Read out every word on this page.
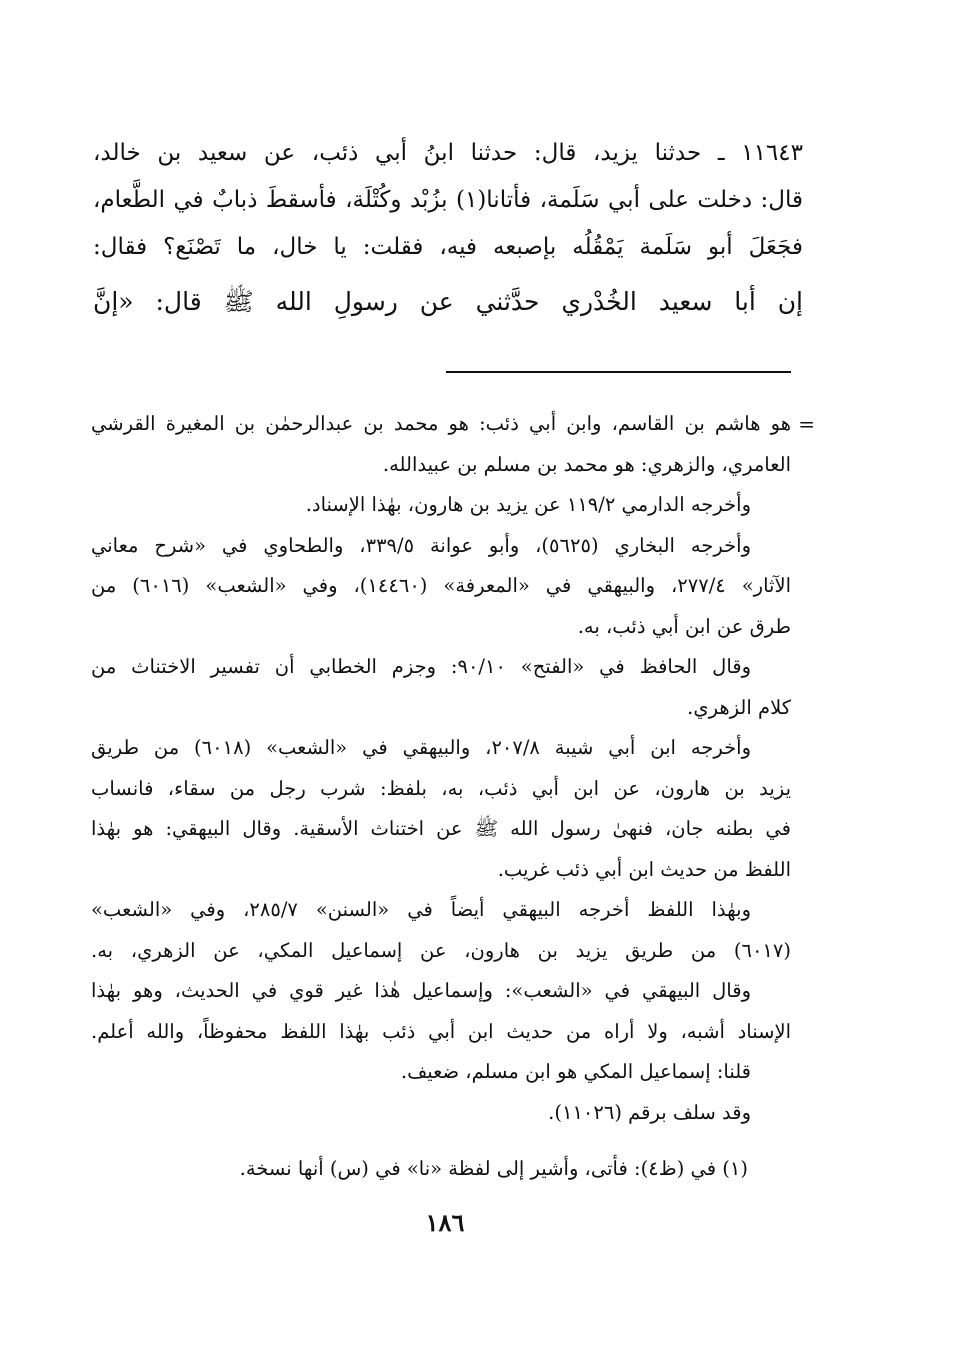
١١٦٤٣ ـ حدثنا يزيد، قال: حدثنا ابنُ أبي ذئب، عن سعيد بن خالد،
قال: دخلت على أبي سَلَمة، فأتانا(١) بزُبْد وكُتْلَة، فأسقطَ ذبابٌ في الطَّعام،
فجَعَلَ أبو سَلَمة يَمْقُلُه بإصبعه فيه، فقلت: يا خال، ما تَصْنَع؟ فقال:
إن أبا سعيد الخُدْري حدَّثني عن رسولِ الله ﷺ قال: «إنَّ
=
هو هاشم بن القاسم، وابن أبي ذئب: هو محمد بن عبدالرحمٰن بن المغيرة القرشي
العامري، والزهري: هو محمد بن مسلم بن عبيدالله.
وأخرجه الدارمي ١١٩/٢ عن يزيد بن هارون، بهٰذا الإسناد.
وأخرجه البخاري (٥٦٢٥)، وأبو عوانة ٣٣٩/٥، والطحاوي في «شرح معاني
الآثار» ٢٧٧/٤، والبيهقي في «المعرفة» (١٤٤٦٠)، وفي «الشعب» (٦٠١٦) من
طرق عن ابن أبي ذئب، به.
وقال الحافظ في «الفتح» ٩٠/١٠: وجزم الخطابي أن تفسير الاختناث من
كلام الزهري.
وأخرجه ابن أبي شيبة ٢٠٧/٨، والبيهقي في «الشعب» (٦٠١٨) من طريق
يزيد بن هارون، عن ابن أبي ذئب، به، بلفظ: شرب رجل من سقاء، فانساب
في بطنه جان، فنهىٰ رسول الله ﷺ عن اختناث الأسقية. وقال البيهقي: هو بهٰذا
اللفظ من حديث ابن أبي ذئب غريب.
وبهٰذا اللفظ أخرجه البيهقي أيضاً في «السنن» ٢٨٥/٧، وفي «الشعب»
(٦٠١٧) من طريق يزيد بن هارون، عن إسماعيل المكي، عن الزهري، به.
وقال البيهقي في «الشعب»: وإسماعيل هٰذا غير قوي في الحديث، وهو بهٰذا
الإسناد أشبه، ولا أراه من حديث ابن أبي ذئب بهٰذا اللفظ محفوظاً، والله أعلم.
قلنا: إسماعيل المكي هو ابن مسلم، ضعيف.
وقد سلف برقم (١١٠٢٦).
(١) في (ظ٤): فأتى، وأشير إلى لفظة «نا» في (س) أنها نسخة.
١٨٦
